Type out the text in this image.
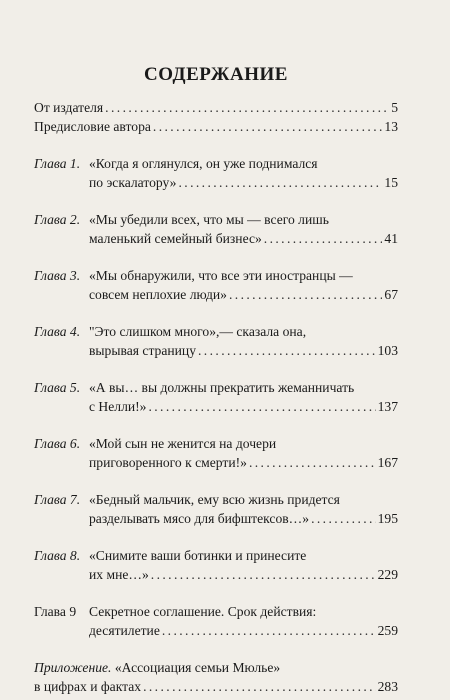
СОДЕРЖАНИЕ
От издателя . . .	5
Предисловие автора . . .	13
Глава 1. «Когда я оглянулся, он уже поднимался
по эскалатору» . . .	15
Глава 2. «Мы убедили всех, что мы — всего лишь
маленький семейный бизнес» . . .	41
Глава 3. «Мы обнаружили, что все эти иностранцы —
совсем неплохие люди» . . .	67
Глава 4. "Это слишком много»,— сказала она,
вырывая страницу . . .	103
Глава 5. «А вы… вы должны прекратить жеманничать
с Нелли!» . . .	137
Глава 6. «Мой сын не женится на дочери
приговоренного к смерти!» . . .	167
Глава 7. «Бедный мальчик, ему всю жизнь придется
разделывать мясо для бифштексов…» . . .	195
Глава 8. «Снимите ваши ботинки и принесите
их мне…» . . .	229
Глава 9 Секретное соглашение. Срок действия:
десятилетие . . .	259
Приложение. «Ассоциация семьи Мюлье»
в цифрах и фактах . . .	283
